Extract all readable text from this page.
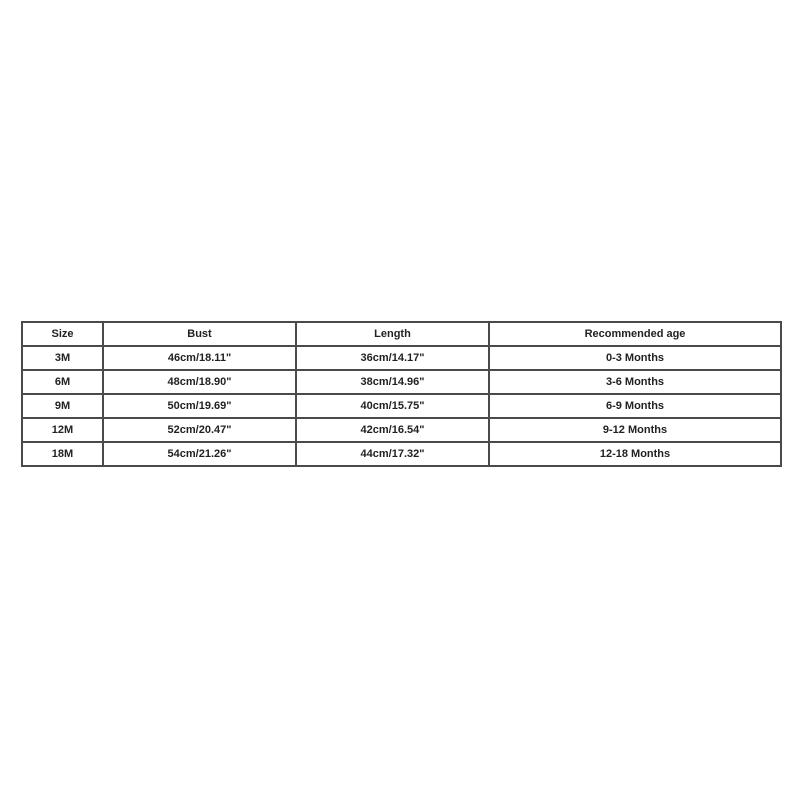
Size	Bust	Length	Recommended age
3M	46cm/18.11"	36cm/14.17"	0-3 Months
6M	48cm/18.90"	38cm/14.96"	3-6 Months
9M	50cm/19.69"	40cm/15.75"	6-9 Months
12M	52cm/20.47"	42cm/16.54"	9-12 Months
18M	54cm/21.26"	44cm/17.32"	12-18 Months
